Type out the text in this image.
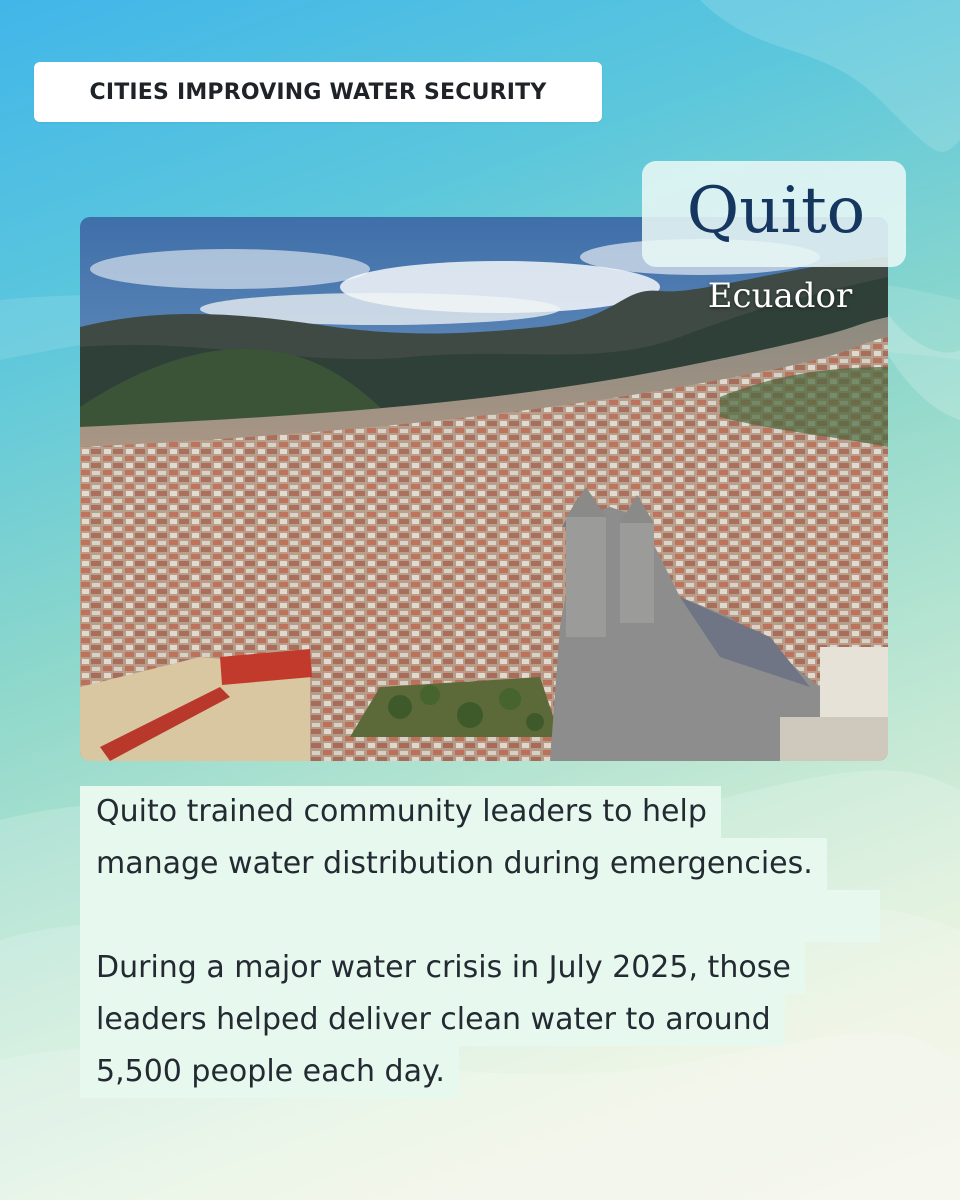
CITIES IMPROVING WATER SECURITY
Quito
Ecuador
Quito trained community leaders to help
manage water distribution during emergencies.
During a major water crisis in July 2025, those
leaders helped deliver clean water to around
5,500 people each day.
